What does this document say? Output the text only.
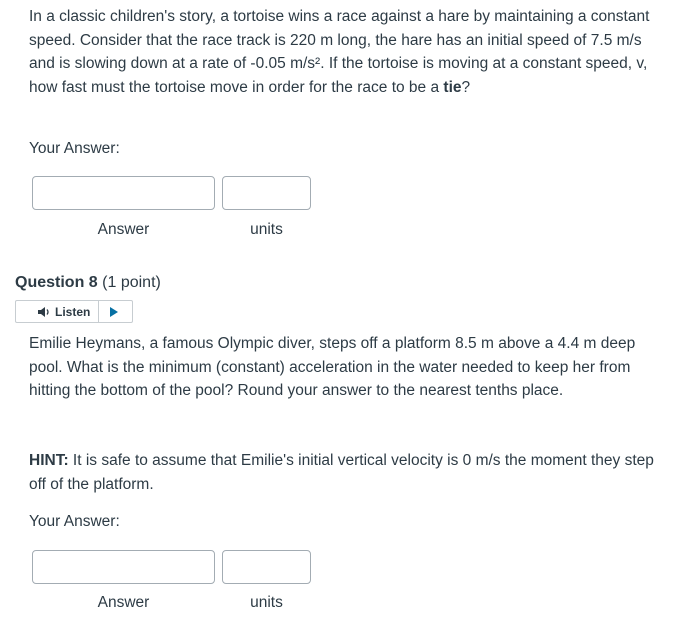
In a classic children's story, a tortoise wins a race against a hare by maintaining a constant speed. Consider that the race track is 220 m long, the hare has an initial speed of 7.5 m/s and is slowing down at a rate of -0.05 m/s². If the tortoise is moving at a constant speed, v, how fast must the tortoise move in order for the race to be a tie?

Your Answer:

Answer	units

Question 8 (1 point)

Listen

Emilie Heymans, a famous Olympic diver, steps off a platform 8.5 m above a 4.4 m deep pool. What is the minimum (constant) acceleration in the water needed to keep her from hitting the bottom of the pool? Round your answer to the nearest tenths place.

HINT: It is safe to assume that Emilie's initial vertical velocity is 0 m/s the moment they step off of the platform.

Your Answer:

Answer	units
